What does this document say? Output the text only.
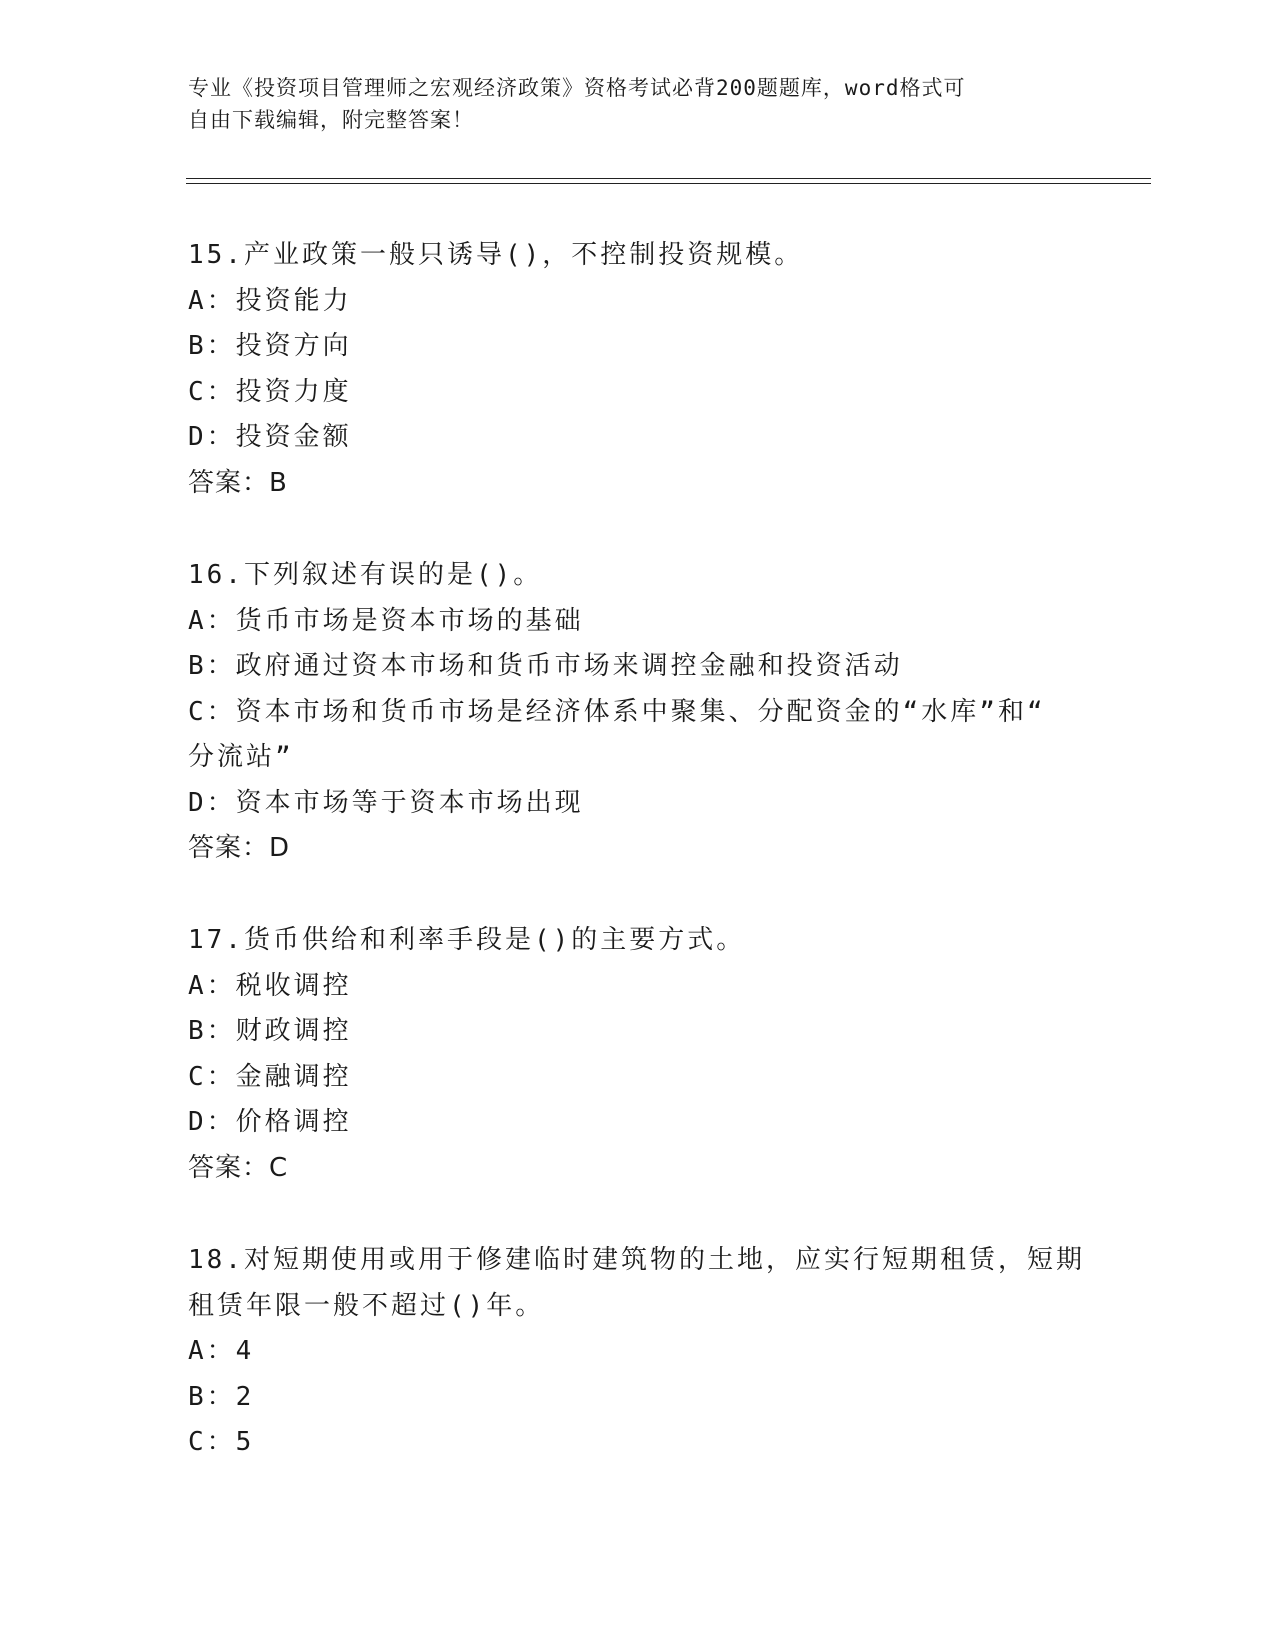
专业《投资项目管理师之宏观经济政策》资格考试必背200题题库，word格式可

自由下载编辑，附完整答案！

15.产业政策一般只诱导()，不控制投资规模。
A：投资能力
B：投资方向
C：投资力度
D：投资金额
答案：B
16.下列叙述有误的是()。
A：货币市场是资本市场的基础
B：政府通过资本市场和货币市场来调控金融和投资活动
C：资本市场和货币市场是经济体系中聚集、分配资金的“水库”和“
分流站”
D：资本市场等于资本市场出现
答案：D
17.货币供给和利率手段是()的主要方式。
A：税收调控
B：财政调控
C：金融调控
D：价格调控
答案：C
18.对短期使用或用于修建临时建筑物的土地，应实行短期租赁，短期
租赁年限一般不超过()年。
A：4
B：2
C：5
